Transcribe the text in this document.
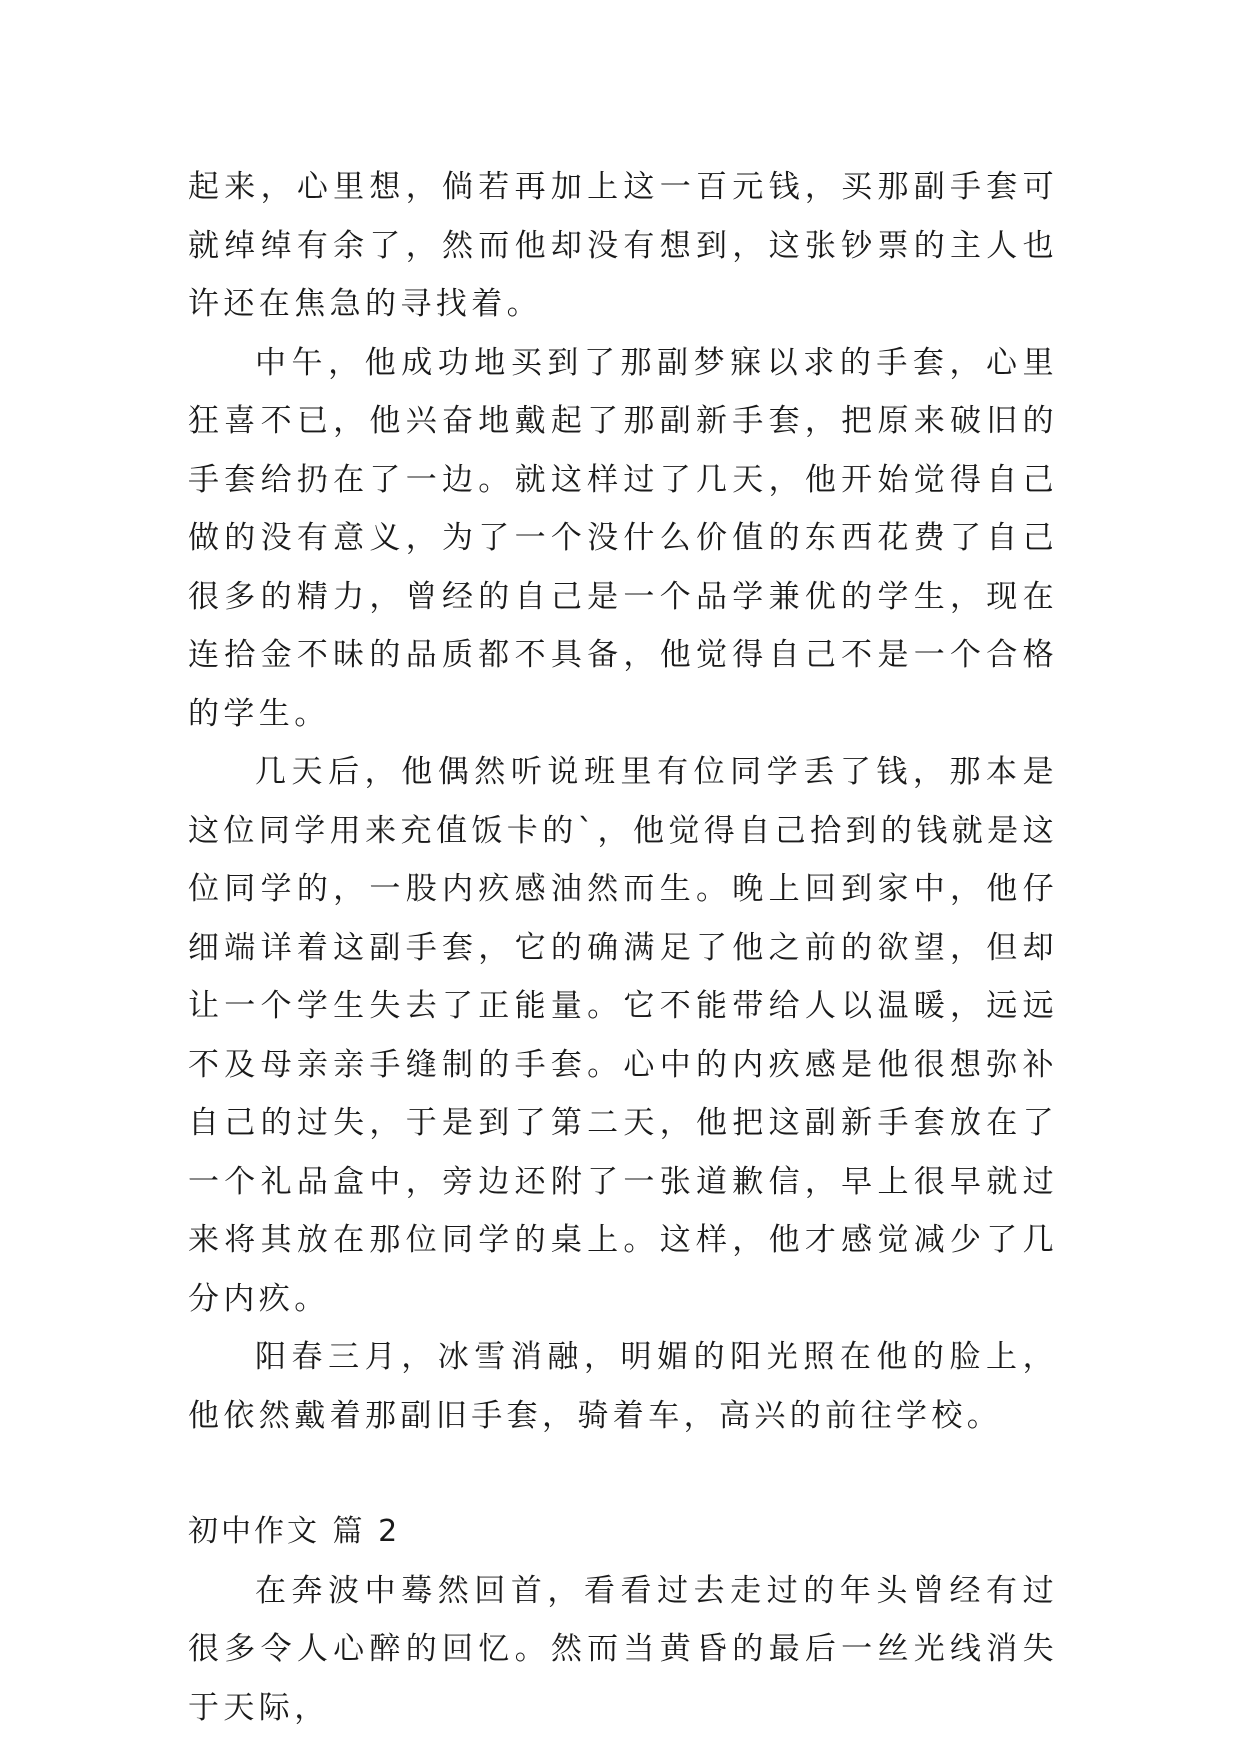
起来，心里想，倘若再加上这一百元钱，买那副手套可就绰绰有余了，然而他却没有想到，这张钞票的主人也许还在焦急的寻找着。

中午，他成功地买到了那副梦寐以求的手套，心里狂喜不已，他兴奋地戴起了那副新手套，把原来破旧的手套给扔在了一边。就这样过了几天，他开始觉得自己做的没有意义，为了一个没什么价值的东西花费了自己很多的精力，曾经的自己是一个品学兼优的学生，现在连拾金不昧的品质都不具备，他觉得自己不是一个合格的学生。

几天后，他偶然听说班里有位同学丢了钱，那本是这位同学用来充值饭卡的`，他觉得自己拾到的钱就是这位同学的，一股内疚感油然而生。晚上回到家中，他仔细端详着这副手套，它的确满足了他之前的欲望，但却让一个学生失去了正能量。它不能带给人以温暖，远远不及母亲亲手缝制的手套。心中的内疚感是他很想弥补自己的过失，于是到了第二天，他把这副新手套放在了一个礼品盒中，旁边还附了一张道歉信，早上很早就过来将其放在那位同学的桌上。这样，他才感觉减少了几分内疚。

阳春三月，冰雪消融，明媚的阳光照在他的脸上，他依然戴着那副旧手套，骑着车，高兴的前往学校。

初中作文 篇 2

在奔波中蓦然回首，看看过去走过的年头曾经有过很多令人心醉的回忆。然而当黄昏的最后一丝光线消失于天际，
